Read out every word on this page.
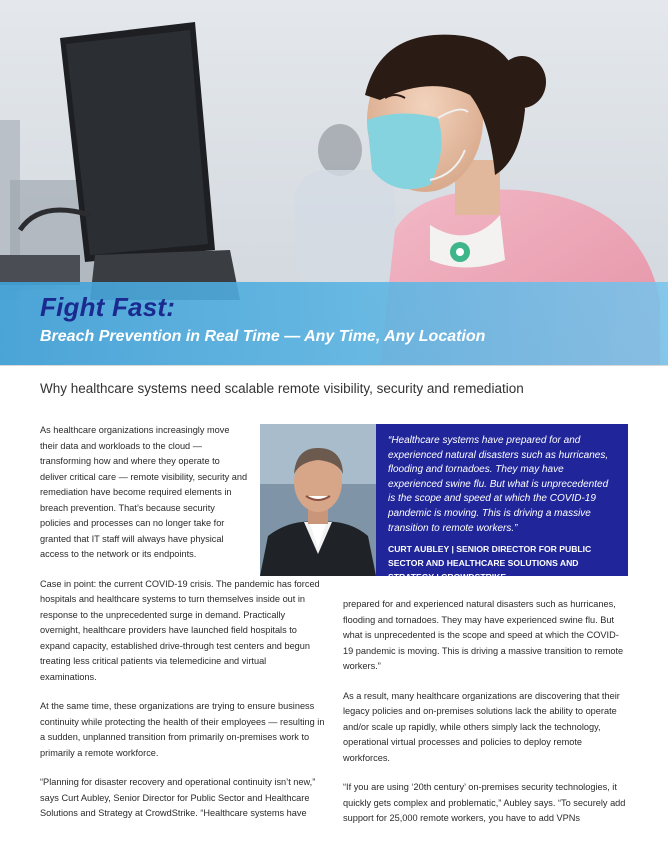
Fight Fast:
Breach Prevention in Real Time — Any Time, Any Location
Why healthcare systems need scalable remote visibility, security and remediation

As healthcare organizations increasingly move their data and workloads to the cloud — transforming how and where they operate to deliver critical care — remote visibility, security and remediation have become required elements in breach prevention. That’s because security policies and processes can no longer take for granted that IT staff will always have physical access to the network or its endpoints.

Case in point: the current COVID-19 crisis. The pandemic has forced hospitals and healthcare systems to turn themselves inside out in response to the unprecedented surge in demand. Practically overnight, healthcare providers have launched field hospitals to expand capacity, established drive-through test centers and begun treating less critical patients via telemedicine and virtual examinations.

At the same time, these organizations are trying to ensure business continuity while protecting the health of their employees — resulting in a sudden, unplanned transition from primarily on-premises work to primarily a remote workforce.

“Planning for disaster recovery and operational continuity isn’t new,” says Curt Aubley, Senior Director for Public Sector and Healthcare Solutions and Strategy at CrowdStrike. “Healthcare systems have

“Healthcare systems have prepared for and experienced natural disasters such as hurricanes, flooding and tornadoes. They may have experienced swine flu. But what is unprecedented is the scope and speed at which the COVID-19 pandemic is moving. This is driving a massive transition to remote workers.”
CURT AUBLEY | SENIOR DIRECTOR FOR PUBLIC SECTOR AND HEALTHCARE SOLUTIONS AND STRATEGY | CROWDSTRIKE

prepared for and experienced natural disasters such as hurricanes, flooding and tornadoes. They may have experienced swine flu. But what is unprecedented is the scope and speed at which the COVID-19 pandemic is moving. This is driving a massive transition to remote workers.”

As a result, many healthcare organizations are discovering that their legacy policies and on-premises solutions lack the ability to operate and/or scale up rapidly, while others simply lack the technology, operational virtual processes and policies to deploy remote workforces.

“If you are using ‘20th century’ on-premises security technologies, it quickly gets complex and problematic,” Aubley says. “To securely add support for 25,000 remote workers, you have to add VPNs
